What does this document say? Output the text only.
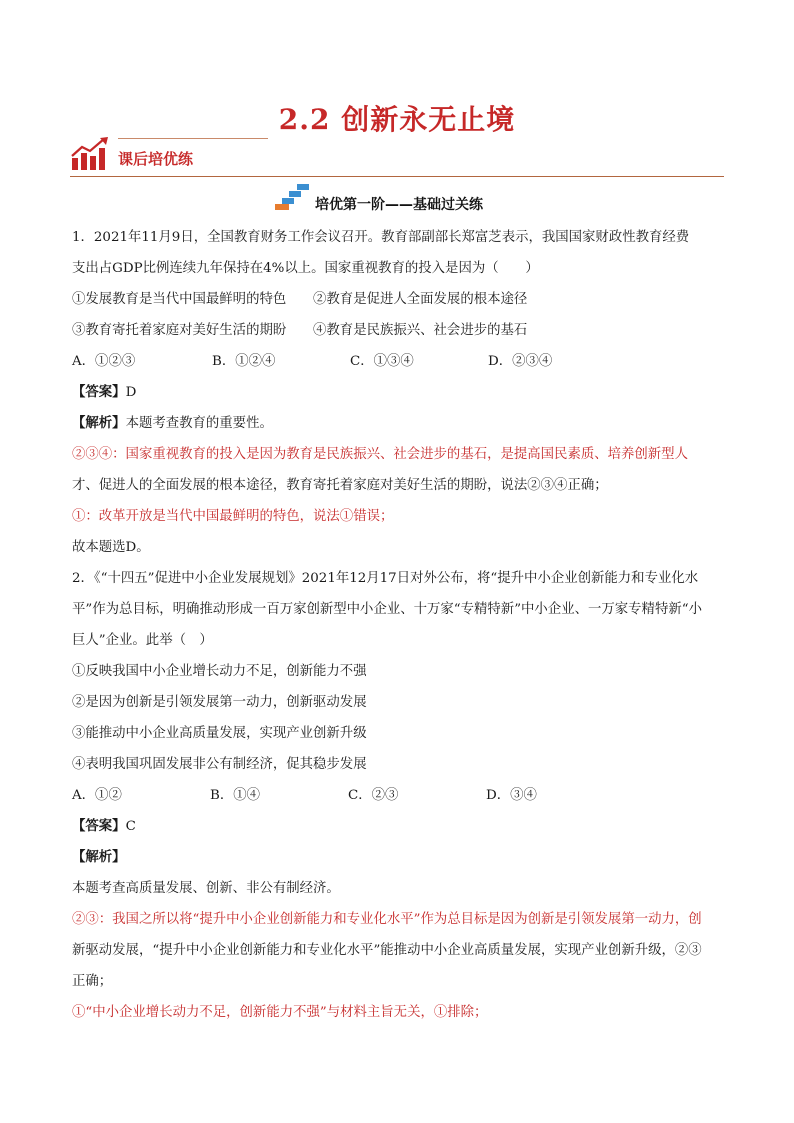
2.2 创新永无止境
课后培优练
培优第一阶——基础过关练
1．2021年11月9日，全国教育财务工作会议召开。教育部副部长郑富芝表示，我国国家财政性教育经费
支出占GDP比例连续九年保持在4%以上。国家重视教育的投入是因为（　　）
①发展教育是当代中国最鲜明的特色　　②教育是促进人全面发展的根本途径
③教育寄托着家庭对美好生活的期盼　　④教育是民族振兴、社会进步的基石
A．①②③	B．①②④	C．①③④	D．②③④
【答案】D
【解析】本题考查教育的重要性。
②③④：国家重视教育的投入是因为教育是民族振兴、社会进步的基石，是提高国民素质、培养创新型人
才、促进人的全面发展的根本途径，教育寄托着家庭对美好生活的期盼，说法②③④正确；
①：改革开放是当代中国最鲜明的特色，说法①错误；
故本题选D。
2．《“十四五”促进中小企业发展规划》2021年12月17日对外公布，将“提升中小企业创新能力和专业化水
平”作为总目标，明确推动形成一百万家创新型中小企业、十万家“专精特新”中小企业、一万家专精特新“小
巨人”企业。此举（　）
①反映我国中小企业增长动力不足，创新能力不强
②是因为创新是引领发展第一动力，创新驱动发展
③能推动中小企业高质量发展，实现产业创新升级
④表明我国巩固发展非公有制经济，促其稳步发展
A．①②	B．①④	C．②③	D．③④
【答案】C
【解析】
本题考查高质量发展、创新、非公有制经济。
②③：我国之所以将“提升中小企业创新能力和专业化水平”作为总目标是因为创新是引领发展第一动力，创
新驱动发展，“提升中小企业创新能力和专业化水平”能推动中小企业高质量发展，实现产业创新升级，②③
正确；
①“中小企业增长动力不足，创新能力不强”与材料主旨无关，①排除；
